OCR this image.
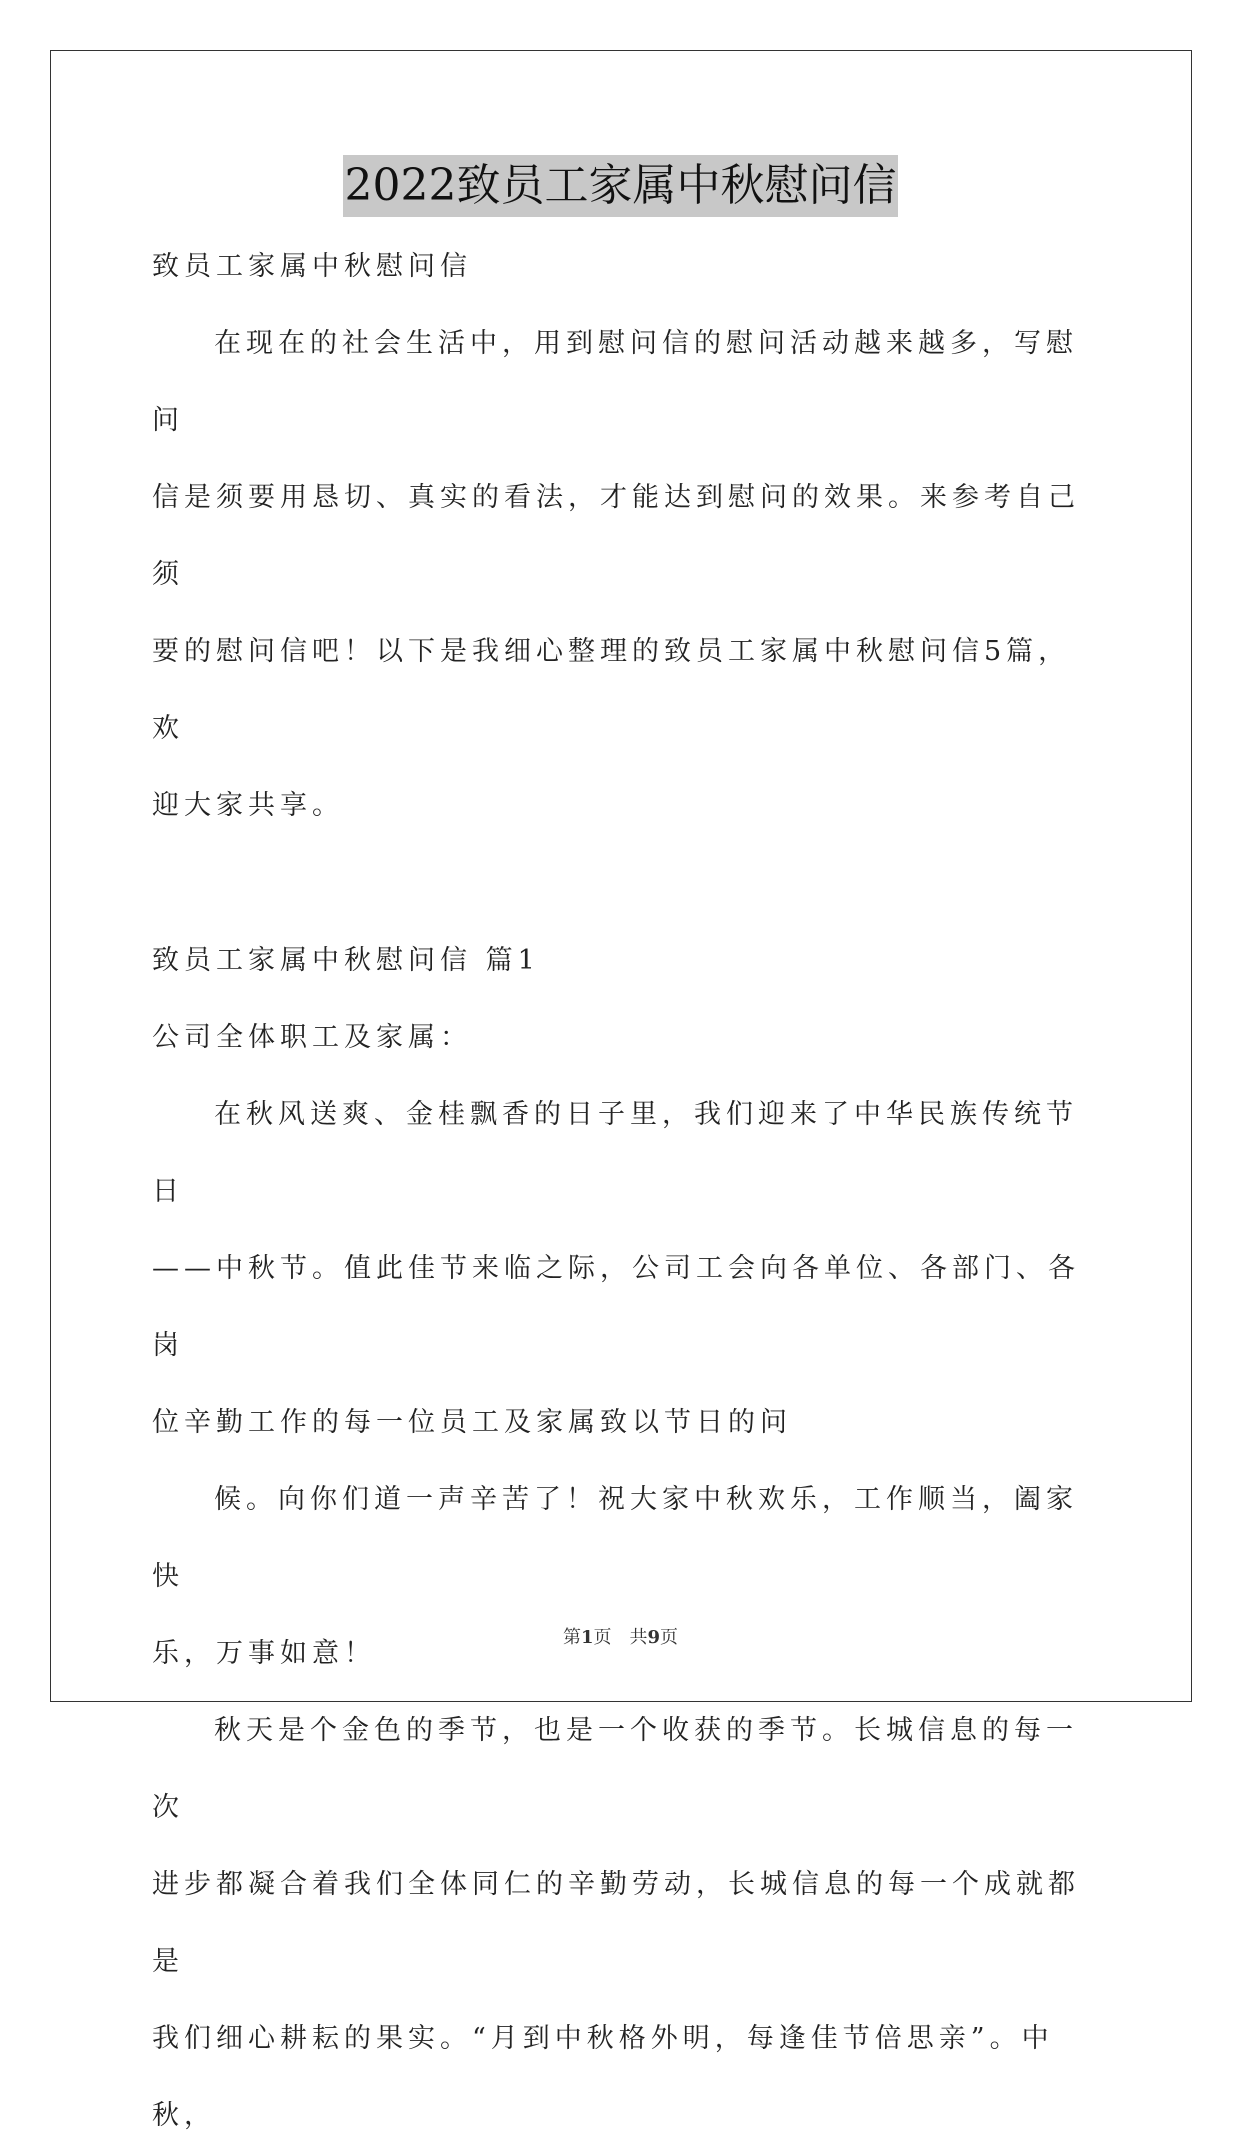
2022致员工家属中秋慰问信

致员工家属中秋慰问信

在现在的社会生活中，用到慰问信的慰问活动越来越多，写慰问

信是须要用恳切、真实的看法，才能达到慰问的效果。来参考自己须

要的慰问信吧！以下是我细心整理的致员工家属中秋慰问信5篇，欢

迎大家共享。

致员工家属中秋慰问信 篇1

公司全体职工及家属：

在秋风送爽、金桂飘香的日子里，我们迎来了中华民族传统节日

——中秋节。值此佳节来临之际，公司工会向各单位、各部门、各岗

位辛勤工作的每一位员工及家属致以节日的问

候。向你们道一声辛苦了！祝大家中秋欢乐，工作顺当，阖家快

乐，万事如意！

秋天是个金色的季节，也是一个收获的季节。长城信息的每一次

进步都凝合着我们全体同仁的辛勤劳动，长城信息的每一个成就都是

我们细心耕耘的果实。“月到中秋格外明，每逢佳节倍思亲”。中秋，

第1页　共9页
